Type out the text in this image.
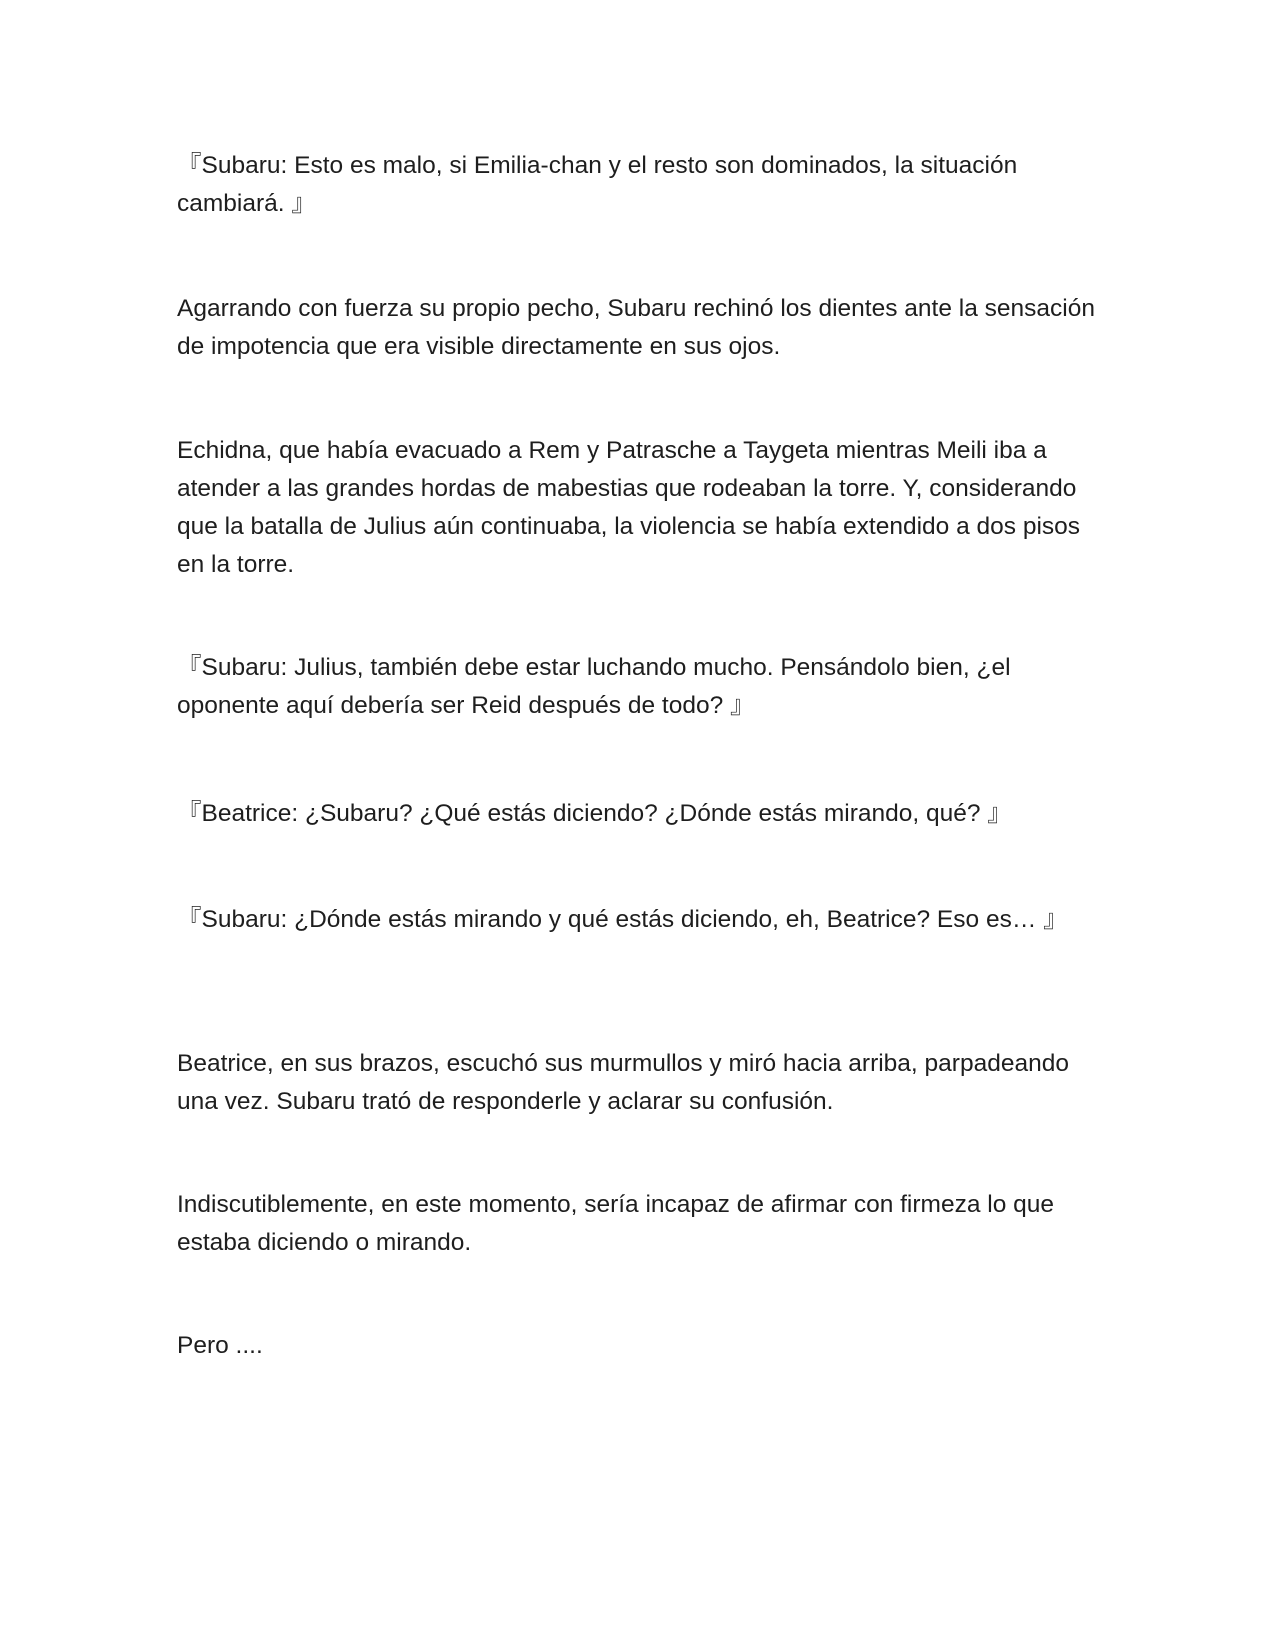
『Subaru: Esto es malo, si Emilia-chan y el resto son dominados, la situación cambiará. 』

Agarrando con fuerza su propio pecho, Subaru rechinó los dientes ante la sensación de impotencia que era visible directamente en sus ojos.

Echidna, que había evacuado a Rem y Patrasche a Taygeta mientras Meili iba a atender a las grandes hordas de mabestias que rodeaban la torre. Y, considerando que la batalla de Julius aún continuaba, la violencia se había extendido a dos pisos en la torre.

『Subaru: Julius, también debe estar luchando mucho. Pensándolo bien, ¿el oponente aquí debería ser Reid después de todo? 』

『Beatrice: ¿Subaru? ¿Qué estás diciendo? ¿Dónde estás mirando, qué? 』

『Subaru: ¿Dónde estás mirando y qué estás diciendo, eh, Beatrice? Eso es… 』

Beatrice, en sus brazos, escuchó sus murmullos y miró hacia arriba, parpadeando una vez. Subaru trató de responderle y aclarar su confusión.

Indiscutiblemente, en este momento, sería incapaz de afirmar con firmeza lo que estaba diciendo o mirando.

Pero ....
